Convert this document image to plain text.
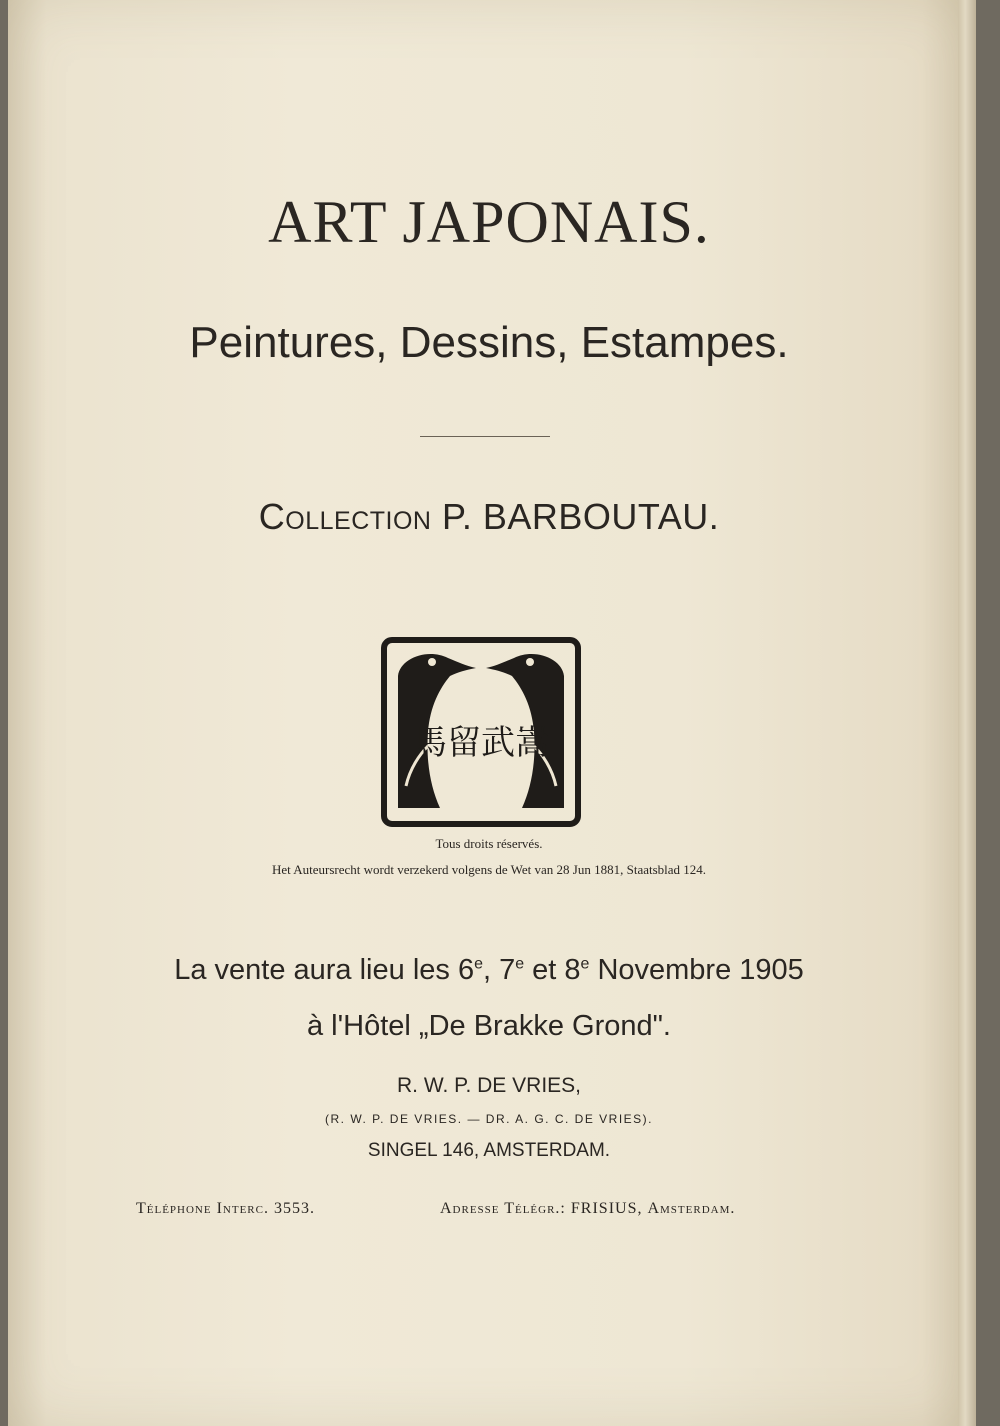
ART JAPONAIS.
Peintures, Dessins, Estampes.
Collection P. BARBOUTAU.
馬留武嵩
Tous droits réservés.
Het Auteursrecht wordt verzekerd volgens de Wet van 28 Jun 1881, Staatsblad 124.
La vente aura lieu les 6e, 7e et 8e Novembre 1905
à l'Hôtel „De Brakke Grond".
R. W. P. DE VRIES,
(R. W. P. DE VRIES. — DR. A. G. C. DE VRIES).
SINGEL 146, AMSTERDAM.
Téléphone Interc. 3553.	Adresse Télégr.: FRISIUS, Amsterdam.
